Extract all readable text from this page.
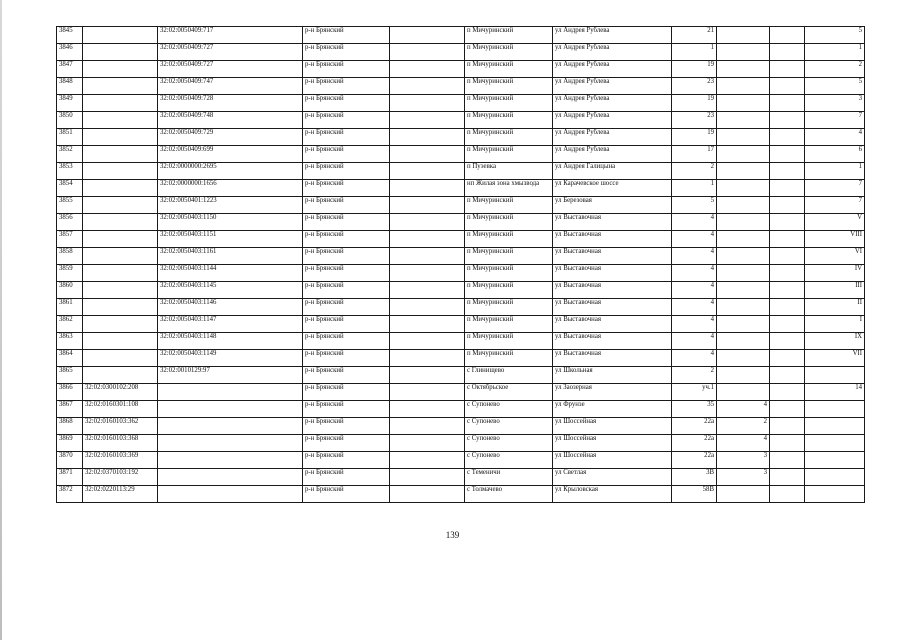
3845		32:02:0050409:717	р-н Брянский		п Мичуринский	ул Андрея Рублева	21			5
3846		32:02:0050409:727	р-н Брянский		п Мичуринский	ул Андрея Рублева	1			1
3847		32:02:0050409:727	р-н Брянский		п Мичуринский	ул Андрея Рублева	19			2
3848		32:02:0050409:747	р-н Брянский		п Мичуринский	ул Андрея Рублева	23			5
3849		32:02:0050409:728	р-н Брянский		п Мичуринский	ул Андрея Рублева	19			3
3850		32:02:0050409:748	р-н Брянский		п Мичуринский	ул Андрея Рублева	23			7
3851		32:02:0050409:729	р-н Брянский		п Мичуринский	ул Андрея Рублева	19			4
3852		32:02:0050409:699	р-н Брянский		п Мичуринский	ул Андрея Рублева	17			6
3853		32:02:0000000:2695	р-н Брянский		п Пуэевка	ул Андрея Галицына	2			1
3854		32:02:0000000:1656	р-н Брянский		нп Жилая зона хмызвода	ул Карачевское шоссе	1			7
3855		32:02:0050401:1223	р-н Брянский		п Мичуринский	ул Березовая	5			7
3856		32:02:0050403:1150	р-н Брянский		п Мичуринский	ул Выставочная	4			V
3857		32:02:0050403:1151	р-н Брянский		п Мичуринский	ул Выставочная	4			VIII
3858		32:02:0050403:1161	р-н Брянский		п Мичуринский	ул Выставочная	4			VI
3859		32:02:0050403:1144	р-н Брянский		п Мичуринский	ул Выставочная	4			IV
3860		32:02:0050403:1145	р-н Брянский		п Мичуринский	ул Выставочная	4			III
3861		32:02:0050403:1146	р-н Брянский		п Мичуринский	ул Выставочная	4			II
3862		32:02:0050403:1147	р-н Брянский		п Мичуринский	ул Выставочная	4			I
3863		32:02:0050403:1148	р-н Брянский		п Мичуринский	ул Выставочная	4			IX
3864		32:02:0050403:1149	р-н Брянский		п Мичуринский	ул Выставочная	4			VII
3865		32:02:0010129:97	р-н Брянский		с Глинищево	ул Школьная	2			
3866	32:02:0300102:208		р-н Брянский		с Октябрьское	ул Заозерная	уч.1			14
3867	32:02:0160301:108		р-н Брянский		с Супонево	ул Фрунзе	35	4		
3868	32:02:0160103:362		р-н Брянский		с Супонево	ул Шоссейная	22а	2		
3869	32:02:0160103:368		р-н Брянский		с Супонево	ул Шоссейная	22а	4		
3870	32:02:0160103:369		р-н Брянский		с Супонево	ул Шоссейная	22а	3		
3871	32:02:0370103:192		р-н Брянский		с Теменичи	ул Светлая	3В	3		
3872	32:02:0220113:29		р-н Брянский		с Толмачево	ул Крыловская	58В			
139
